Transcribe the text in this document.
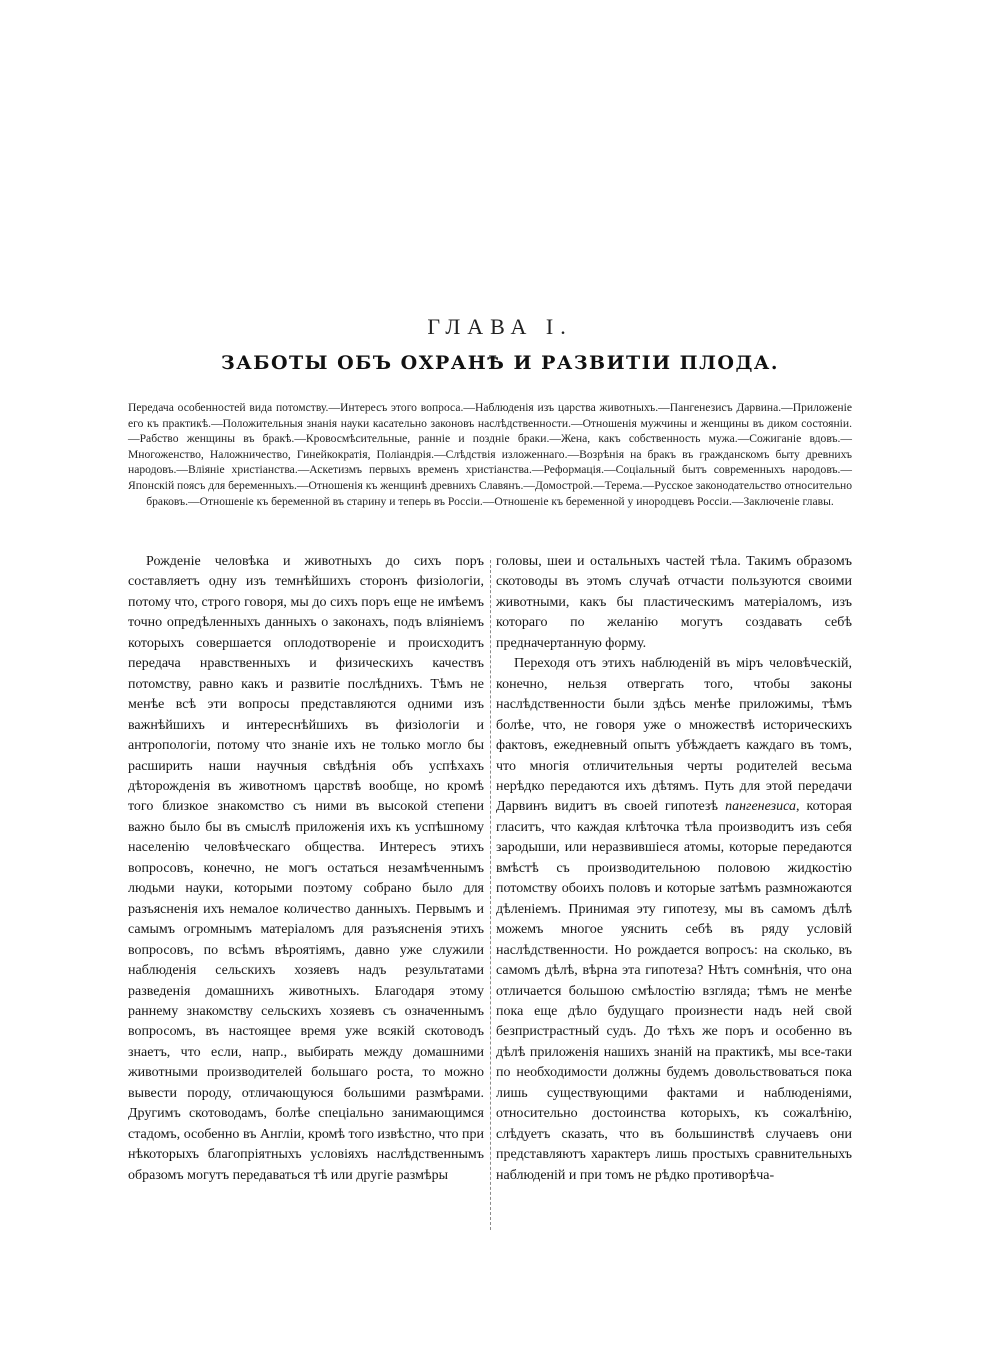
ГЛАВА I.
ЗАБОТЫ ОБЪ ОХРАНѢ И РАЗВИТІИ ПЛОДА.
Передача особенностей вида потомству.—Интересъ этого вопроса.—Наблюденія изъ царства животныхъ.—Пангенезисъ Дарвина.—Приложеніе его къ практикѣ.—Положительныя знанія науки касательно законовъ наслѣдственности.—Отношенія мужчины и женщины въ диком состояніи.—Рабство женщины въ бракѣ.—Кровосмѣсительные, ранніе и поздніе браки.—Жена, какъ собственность мужа.—Сожиганіе вдовъ.—Многоженство, Наложничество, Гинейкократія, Поліандрія.—Слѣдствія изложеннаго.—Возрѣнія на бракъ въ гражданскомъ быту древнихъ народовъ.—Вліяніе христіанства.—Аскетизмъ первыхъ временъ христіанства.—Реформація.—Соціальный бытъ современныхъ народовъ.—Японскій поясъ для беременныхъ.—Отношенія къ женщинѣ древнихъ Славянъ.—Домострой.—Терема.—Русское законодательство относительно браковъ.—Отношеніе къ беременной въ старину и теперь въ Россіи.—Отношеніе къ беременной у инородцевъ Россіи.—Заключеніе главы.

Рожденіе человѣка и животныхъ до сихъ поръ составляетъ одну изъ темнѣйшихъ сторонъ физіологіи, потому что, строго говоря, мы до сихъ поръ еще не имѣемъ точно опредѣленныхъ данныхъ о законахъ, подъ вліяніемъ которыхъ совершается оплодотвореніе и происходитъ передача нравственныхъ и физическихъ качествъ потомству, равно какъ и развитіе послѣднихъ. Тѣмъ не менѣе всѣ эти вопросы представляются одними изъ важнѣйшихъ и интереснѣйшихъ въ физіологіи и антропологіи, потому что знаніе ихъ не только могло бы расширить наши научныя свѣдѣнія объ успѣхахъ дѣторожденія въ животномъ царствѣ вообще, но кромѣ того близкое знакомство съ ними въ высокой степени важно было бы въ смыслѣ приложенія ихъ къ успѣшному населенію человѣческаго общества. Интересъ этихъ вопросовъ, конечно, не могъ остаться незамѣченнымъ людьми науки, которыми поэтому собрано было для разъясненія ихъ немалое количество данныхъ. Первымъ и самымъ огромнымъ матеріаломъ для разъясненія этихъ вопросовъ, по всѣмъ вѣроятіямъ, давно уже служили наблюденія сельскихъ хозяевъ надъ результатами разведенія домашнихъ животныхъ. Благодаря этому раннему знакомству сельскихъ хозяевъ съ означеннымъ вопросомъ, въ настоящее время уже всякій скотоводъ знаетъ, что если, напр., выбирать между домашними животными производителей большаго роста, то можно вывести породу, отличающуюся большими размѣрами. Другимъ скотоводамъ, болѣе спеціально занимающимся стадомъ, особенно въ Англіи, кромѣ того извѣстно, что при нѣкоторыхъ благопріятныхъ условіяхъ наслѣдственнымъ образомъ могутъ передаваться тѣ или другіе размѣры

головы, шеи и остальныхъ частей тѣла. Такимъ образомъ скотоводы въ этомъ случаѣ отчасти пользуются своими животными, какъ бы пластическимъ матеріаломъ, изъ котораго по желанію могутъ создавать себѣ предначертанную форму.

Переходя отъ этихъ наблюденій въ міръ человѣческій, конечно, нельзя отвергать того, чтобы законы наслѣдственности были здѣсь менѣе приложимы, тѣмъ болѣе, что, не говоря уже о множествѣ историческихъ фактовъ, ежедневный опытъ убѣждаетъ каждаго въ томъ, что многія отличительныя черты родителей весьма нерѣдко передаются ихъ дѣтямъ. Путь для этой передачи Дарвинъ видитъ въ своей гипотезѣ пангенезиса, которая гласитъ, что каждая клѣточка тѣла производитъ изъ себя зародыши, или неразвившіеся атомы, которые передаются вмѣстѣ съ производительною половою жидкостію потомству обоихъ половъ и которые затѣмъ размножаются дѣленіемъ. Принимая эту гипотезу, мы въ самомъ дѣлѣ можемъ многое уяснить себѣ въ ряду условій наслѣдственности. Но рождается вопросъ: на сколько, въ самомъ дѣлѣ, вѣрна эта гипотеза? Нѣтъ сомнѣнія, что она отличается большою смѣлостію взгляда; тѣмъ не менѣе пока еще дѣло будущаго произнести надъ ней свой безпристрастный судъ. До тѣхъ же поръ и особенно въ дѣлѣ приложенія нашихъ знаній на практикѣ, мы все-таки по необходимости должны будемъ довольствоваться пока лишь существующими фактами и наблюденіями, относительно достоинства которыхъ, къ сожалѣнію, слѣдуетъ сказать, что въ большинствѣ случаевъ они представляютъ характеръ лишь простыхъ сравнительныхъ наблюденій и при томъ не рѣдко противорѣча-
